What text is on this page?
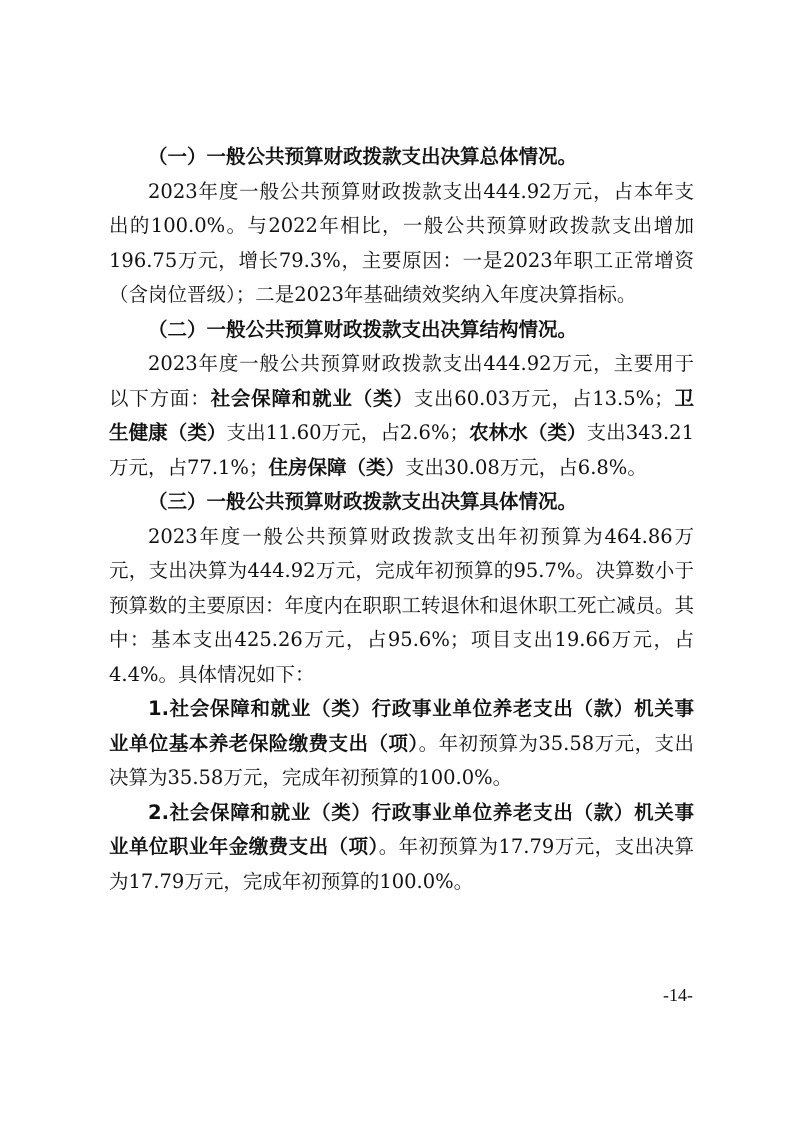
（一）一般公共预算财政拨款支出决算总体情况。

2023年度一般公共预算财政拨款支出444.92万元，占本年支出的100.0%。与2022年相比，一般公共预算财政拨款支出增加196.75万元，增长79.3%，主要原因：一是2023年职工正常增资（含岗位晋级）；二是2023年基础绩效奖纳入年度决算指标。

（二）一般公共预算财政拨款支出决算结构情况。

2023年度一般公共预算财政拨款支出444.92万元，主要用于以下方面：社会保障和就业（类）支出60.03万元，占13.5%；卫生健康（类）支出11.60万元，占2.6%；农林水（类）支出343.21万元，占77.1%；住房保障（类）支出30.08万元，占6.8%。

（三）一般公共预算财政拨款支出决算具体情况。

2023年度一般公共预算财政拨款支出年初预算为464.86万元，支出决算为444.92万元，完成年初预算的95.7%。决算数小于预算数的主要原因：年度内在职职工转退休和退休职工死亡减员。其中：基本支出425.26万元，占95.6%；项目支出19.66万元，占4.4%。具体情况如下：

1.社会保障和就业（类）行政事业单位养老支出（款）机关事业单位基本养老保险缴费支出（项）。年初预算为35.58万元，支出决算为35.58万元，完成年初预算的100.0%。

2.社会保障和就业（类）行政事业单位养老支出（款）机关事业单位职业年金缴费支出（项）。年初预算为17.79万元，支出决算为17.79万元，完成年初预算的100.0%。

-14-
